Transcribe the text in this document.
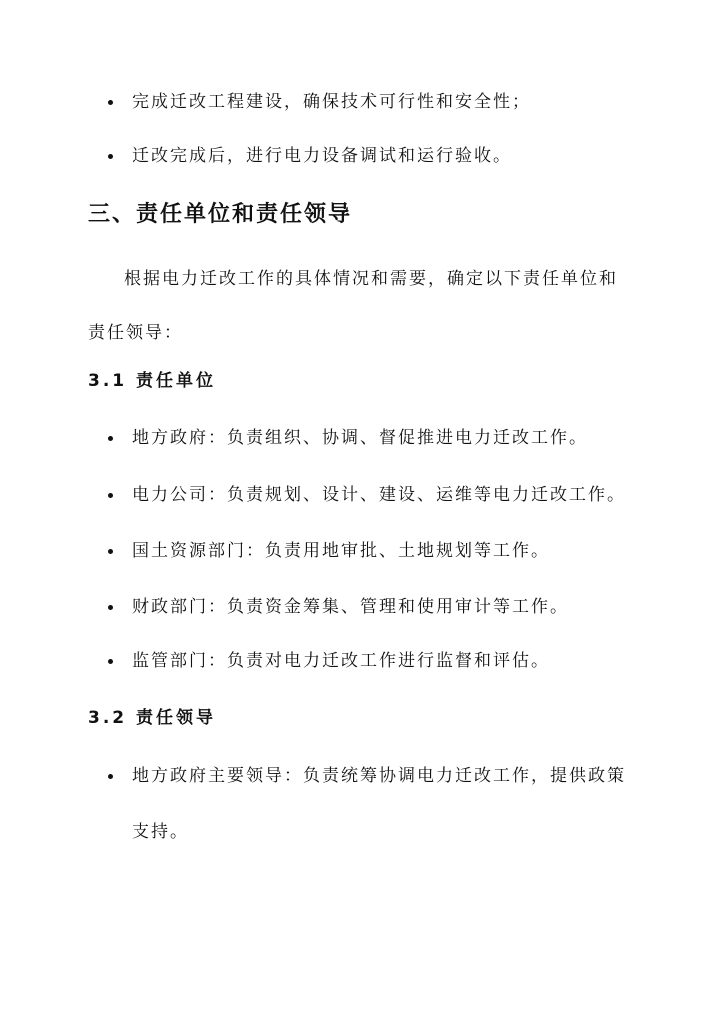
完成迁改工程建设，确保技术可行性和安全性；
迁改完成后，进行电力设备调试和运行验收。
三、责任单位和责任领导

根据电力迁改工作的具体情况和需要，确定以下责任单位和责任领导：

3.1 责任单位
地方政府：负责组织、协调、督促推进电力迁改工作。
电力公司：负责规划、设计、建设、运维等电力迁改工作。
国土资源部门：负责用地审批、土地规划等工作。
财政部门：负责资金筹集、管理和使用审计等工作。
监管部门：负责对电力迁改工作进行监督和评估。
3.2 责任领导
地方政府主要领导：负责统筹协调电力迁改工作，提供政策支持。
